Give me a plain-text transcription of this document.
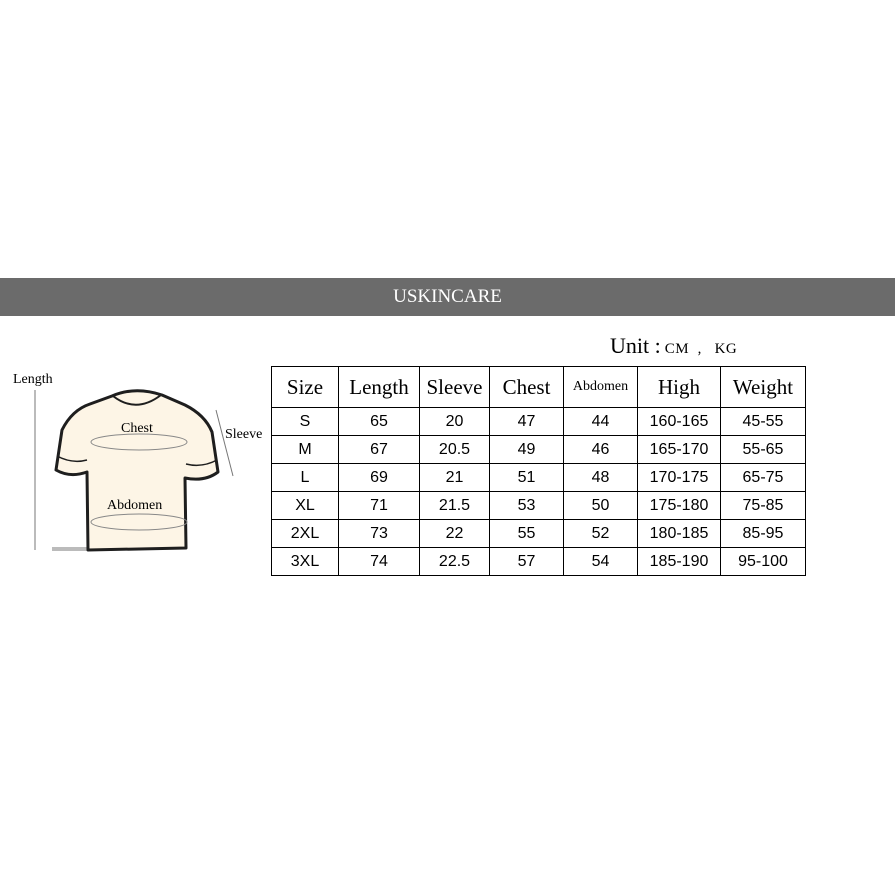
USKINCARE
Unit : CM  ,   KG
Length
Chest
Abdomen
Sleeve
Size	Length	Sleeve	Chest	Abdomen	High	Weight
S	65	20	47	44	160-165	45-55
M	67	20.5	49	46	165-170	55-65
L	69	21	51	48	170-175	65-75
XL	71	21.5	53	50	175-180	75-85
2XL	73	22	55	52	180-185	85-95
3XL	74	22.5	57	54	185-190	95-100
